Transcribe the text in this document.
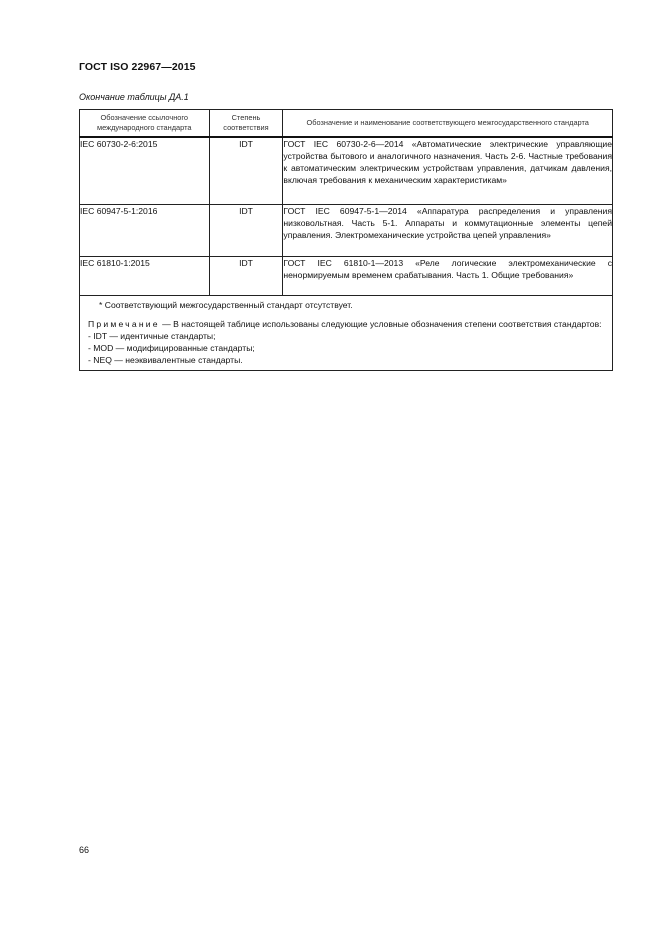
ГОСТ ISO 22967—2015
Окончание таблицы ДА.1
Обозначение ссылочного международного стандарта	Степень соответствия	Обозначение и наименование соответствующего межгосударственного стандарта
IEC 60730-2-6:2015	IDT	ГОСТ IEC 60730-2-6—2014 «Автоматические электрические управляющие устройства бытового и аналогичного назначения. Часть 2-6. Частные требования к автоматическим электрическим устройствам управления, датчикам давления, включая требования к механическим характеристикам»
IEC 60947-5-1:2016	IDT	ГОСТ IEC 60947-5-1—2014 «Аппаратура распределения и управления низковольтная. Часть 5-1. Аппараты и коммутационные элементы цепей управления. Электромеханические устройства цепей управления»
IEC 61810-1:2015	IDT	ГОСТ IEC 61810-1—2013 «Реле логические электромеханические с ненормируемым временем срабатывания. Часть 1. Общие требования»

* Соответствующий межгосударственный стандарт отсутствует.

Примечание — В настоящей таблице использованы следующие условные обозначения степени соответствия стандартов:

- IDT — идентичные стандарты;

- MOD — модифицированные стандарты;

- NEQ — неэквивалентные стандарты.		

66
